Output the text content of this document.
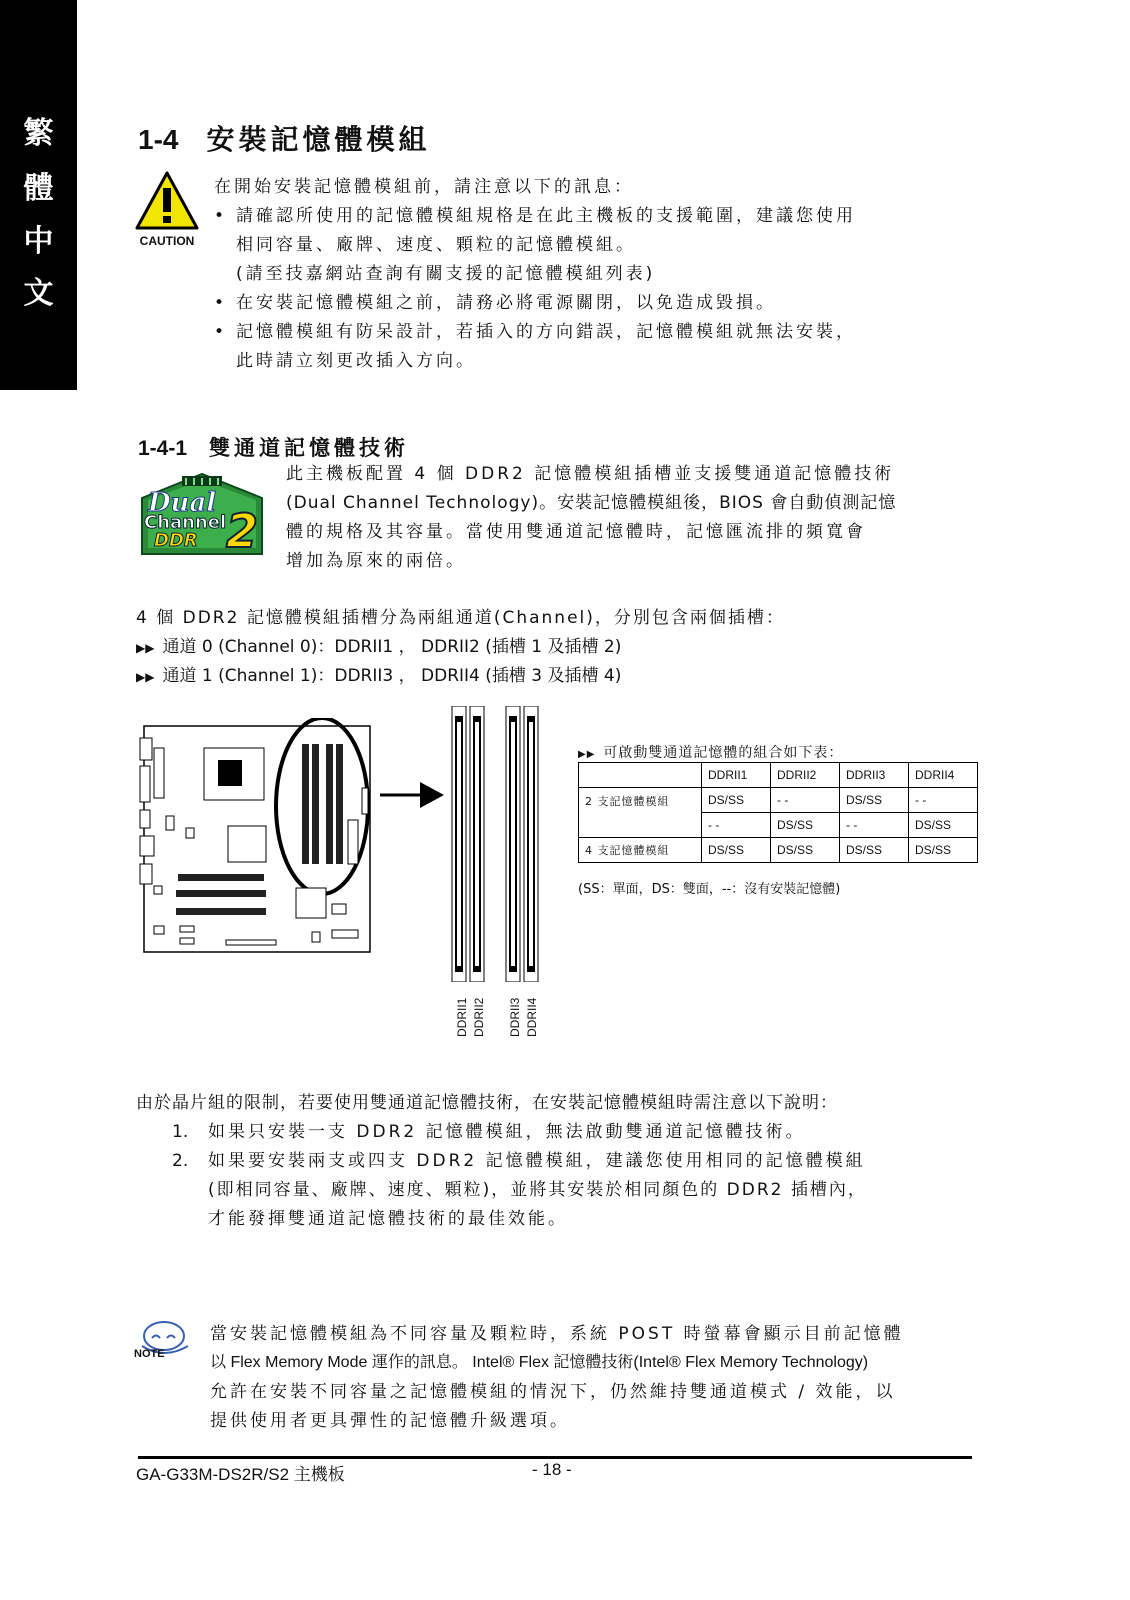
繁
體
中
文
1-4 安裝記憶體模組
CAUTION
在開始安裝記憶體模組前，請注意以下的訊息：
• 請確認所使用的記憶體模組規格是在此主機板的支援範圍，建議您使用
相同容量、廠牌、速度、顆粒的記憶體模組。
(請至技嘉網站查詢有關支援的記憶體模組列表)
• 在安裝記憶體模組之前，請務必將電源關閉，以免造成毀損。
• 記憶體模組有防呆設計，若插入的方向錯誤，記憶體模組就無法安裝，
此時請立刻更改插入方向。
1-4-1 雙通道記憶體技術
Dual
Channel
DDR 2
此主機板配置 4 個 DDR2 記憶體模組插槽並支援雙通道記憶體技術
(Dual Channel Technology)。安裝記憶體模組後，BIOS 會自動偵測記憶
體的規格及其容量。當使用雙通道記憶體時，記憶匯流排的頻寬會
增加為原來的兩倍。
4 個 DDR2 記憶體模組插槽分為兩組通道(Channel)，分別包含兩個插槽：
▶▶ 通道 0 (Channel 0)：DDRII1 ， DDRII2 (插槽 1 及插槽 2)
▶▶ 通道 1 (Channel 1)：DDRII3 ， DDRII4 (插槽 3 及插槽 4)
DDRII1 DDRII2 DDRII3 DDRII4
▶▶ 可啟動雙通道記憶體的組合如下表：
	DDRII1	DDRII2	DDRII3	DDRII4
2 支記憶體模組	DS/SS	- -	DS/SS	- -
	- -	DS/SS	- -	DS/SS
4 支記憶體模組	DS/SS	DS/SS	DS/SS	DS/SS
(SS：單面，DS：雙面，--：沒有安裝記憶體)
由於晶片組的限制，若要使用雙通道記憶體技術，在安裝記憶體模組時需注意以下說明：
1. 如果只安裝一支 DDR2 記憶體模組，無法啟動雙通道記憶體技術。
2. 如果要安裝兩支或四支 DDR2 記憶體模組，建議您使用相同的記憶體模組
(即相同容量、廠牌、速度、顆粒)，並將其安裝於相同顏色的 DDR2 插槽內，
才能發揮雙通道記憶體技術的最佳效能。
NOTE
當安裝記憶體模組為不同容量及顆粒時，系統 POST 時螢幕會顯示目前記憶體
以 Flex Memory Mode 運作的訊息。 Intel® Flex 記憶體技術(Intel® Flex Memory Technology)
允許在安裝不同容量之記憶體模組的情況下，仍然維持雙通道模式 / 效能，以
提供使用者更具彈性的記憶體升級選項。
GA-G33M-DS2R/S2 主機板	- 18 -
